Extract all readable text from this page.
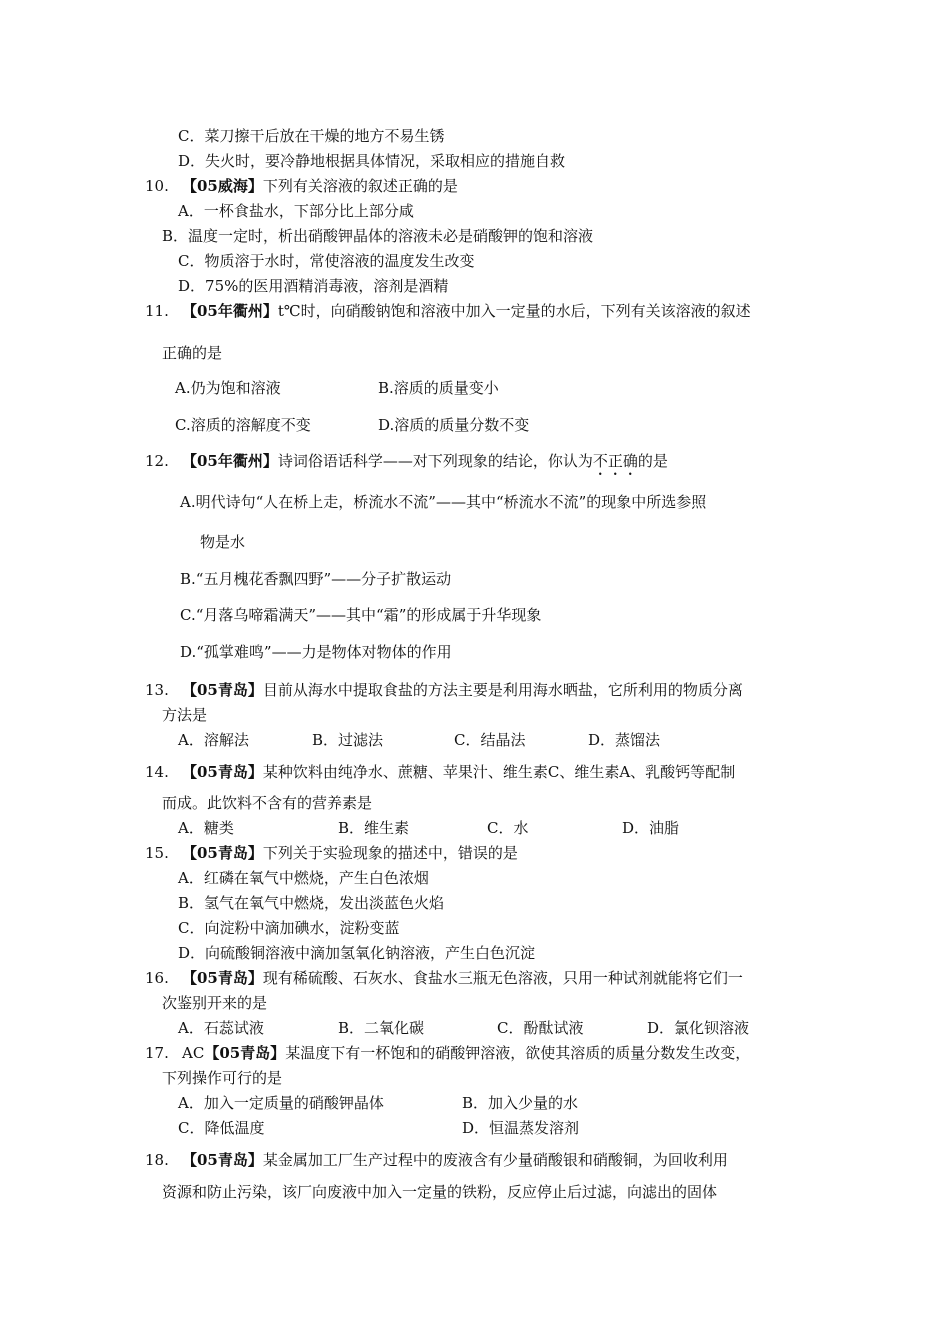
C．菜刀擦干后放在干燥的地方不易生锈
D．失火时，要冷静地根据具体情况，采取相应的措施自救
10. 【05威海】下列有关溶液的叙述正确的是
A．一杯食盐水，下部分比上部分咸
B．温度一定时，析出硝酸钾晶体的溶液未必是硝酸钾的饱和溶液
C．物质溶于水时，常使溶液的温度发生改变
D．75%的医用酒精消毒液，溶剂是酒精
11. 【05年衢州】t℃时，向硝酸钠饱和溶液中加入一定量的水后，下列有关该溶液的叙述
正确的是
A.仍为饱和溶液	B.溶质的质量变小
C.溶质的溶解度不变	D.溶质的质量分数不变
12. 【05年衢州】诗词俗语话科学——对下列现象的结论，你认为不正确的是
A.明代诗句“人在桥上走，桥流水不流”——其中“桥流水不流”的现象中所选参照
物是水
B.“五月槐花香飘四野”——分子扩散运动
C.“月落乌啼霜满天”——其中“霜”的形成属于升华现象
D.“孤掌难鸣”——力是物体对物体的作用
13. 【05青岛】目前从海水中提取食盐的方法主要是利用海水晒盐，它所利用的物质分离
方法是
A．溶解法	B．过滤法	C．结晶法	D．蒸馏法
14. 【05青岛】某种饮料由纯净水、蔗糖、苹果汁、维生素C、维生素A、乳酸钙等配制
而成。此饮料不含有的营养素是
A．糖类	B．维生素	C．水	D．油脂
15. 【05青岛】下列关于实验现象的描述中，错误的是
A．红磷在氧气中燃烧，产生白色浓烟
B．氢气在氧气中燃烧，发出淡蓝色火焰
C．向淀粉中滴加碘水，淀粉变蓝
D．向硫酸铜溶液中滴加氢氧化钠溶液，产生白色沉淀
16. 【05青岛】现有稀硫酸、石灰水、食盐水三瓶无色溶液，只用一种试剂就能将它们一
次鉴别开来的是
A．石蕊试液	B．二氧化碳	C．酚酞试液	D．氯化钡溶液
17. AC【05青岛】某温度下有一杯饱和的硝酸钾溶液，欲使其溶质的质量分数发生改变，
下列操作可行的是
A．加入一定质量的硝酸钾晶体	B．加入少量的水
C．降低温度	D．恒温蒸发溶剂
18. 【05青岛】某金属加工厂生产过程中的废液含有少量硝酸银和硝酸铜，为回收利用
资源和防止污染，该厂向废液中加入一定量的铁粉，反应停止后过滤，向滤出的固体
